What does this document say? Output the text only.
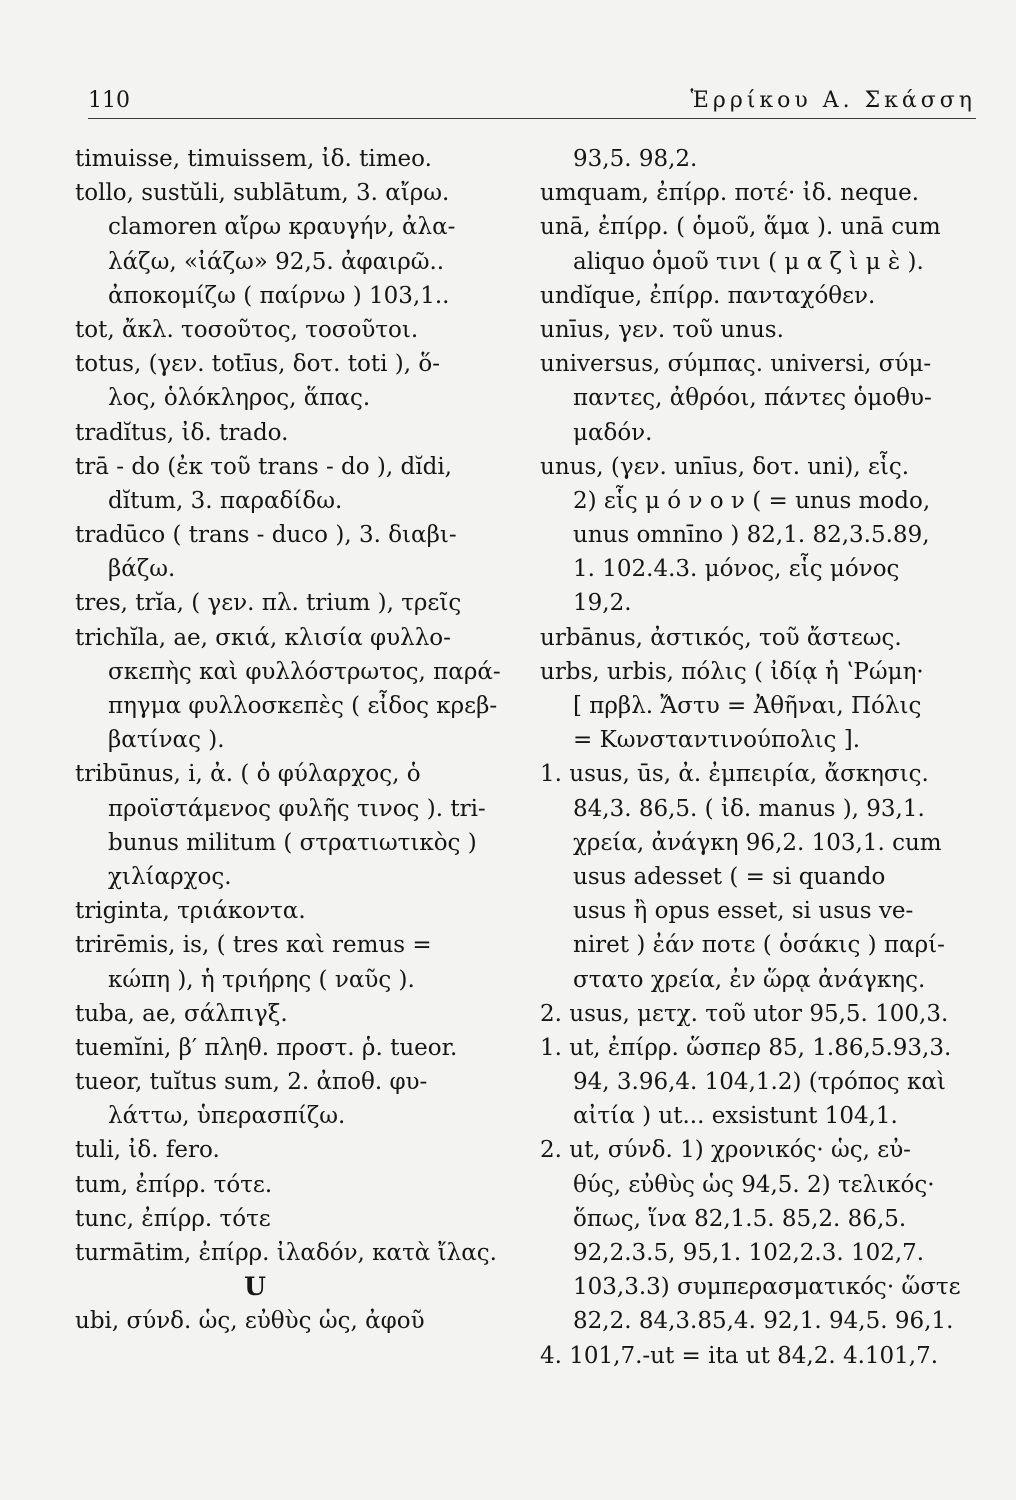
110	Ἑρρίκου Α. Σκάσση
timuisse, timuissem, ἰδ. timeo.
tollo, sustŭli, sublātum, 3. αἴρω.
clamoren αἴρω κραυγήν, ἀλα-
λάζω, «ἰάζω» 92,5. ἀφαιρῶ..
ἀποκομίζω ( παίρνω ) 103,1..
tot, ἄκλ. τοσοῦτος, τοσοῦτοι.
totus, (γεν. totīus, δοτ. toti ), ὅ-
λος, ὁλόκληρος, ἅπας.
tradĭtus, ἰδ. trado.
trā - do (ἐκ τοῦ trans - do ), dĭdi,
dĭtum, 3. παραδίδω.
tradūco ( trans - duco ), 3. διαβι-
βάζω.
tres, trĭa, ( γεν. πλ. trium ), τρεῖς
trichĭla, ae, σκιά, κλισία φυλλο-
σκεπὴς καὶ φυλλόστρωτος, παρά-
πηγμα φυλλοσκεπὲς ( εἶδος κρεβ-
βατίνας ).
tribūnus, i, ἀ. ( ὁ φύλαρχος, ὁ
προϊστάμενος φυλῆς τινος ). tri-
bunus militum ( στρατιωτικὸς )
χιλίαρχος.
triginta, τριάκοντα.
trirēmis, is, ( tres καὶ remus =
κώπη ), ἡ τριήρης ( ναῦς ).
tuba, ae, σάλπιγξ.
tuemĭni, β′ πληθ. προστ. ῥ. tueor.
tueor, tuĭtus sum, 2. ἀποθ. φυ-
λάττω, ὑπερασπίζω.
tuli, ἰδ. fero.
tum, ἐπίρρ. τότε.
tunc, ἐπίρρ. τότε
turmātim, ἐπίρρ. ἰλαδόν, κατὰ ἴλας.
U
ubi, σύνδ. ὡς, εὐθὺς ὡς, ἀφοῦ
93,5. 98,2.
umquam, ἐπίρρ. ποτέ· ἰδ. neque.
unā, ἐπίρρ. ( ὁμοῦ, ἅμα ). unā cum
aliquo ὁμοῦ τινι ( μ α ζ ὶ μ ὲ ).
undĭque, ἐπίρρ. πανταχόθεν.
unīus, γεν. τοῦ unus.
universus, σύμπας. universi, σύμ-
παντες, ἀθρόοι, πάντες ὁμοθυ-
μαδόν.
unus, (γεν. unīus, δοτ. uni), εἷς.
2) εἷς μ ό ν ο ν ( = unus modo,
unus omnīno ) 82,1. 82,3.5.89,
1. 102.4.3. μόνος, εἷς μόνος
19,2.
urbānus, ἀστικός, τοῦ ἄστεως.
urbs, urbis, πόλις ( ἰδίᾳ ἡ ʽΡώμη·
[ πρβλ. Ἄστυ = Ἀθῆναι, Πόλις
= Κωνσταντινούπολις ].
1. usus, ūs, ἀ. ἐμπειρία, ἄσκησις.
84,3. 86,5. ( ἰδ. manus ), 93,1.
χρεία, ἀνάγκη 96,2. 103,1. cum
usus adesset ( = si quando
usus ἢ opus esset, si usus ve-
niret ) ἐάν ποτε ( ὁσάκις ) παρί-
στατο χρεία, ἐν ὥρᾳ ἀνάγκης.
2. usus, μετχ. τοῦ utor 95,5. 100,3.
1. ut, ἐπίρρ. ὥσπερ 85, 1.86,5.93,3.
94, 3.96,4. 104,1.2) (τρόπος καὶ
αἰτία ) ut... exsistunt 104,1.
2. ut, σύνδ. 1) χρονικός· ὡς, εὐ-
θύς, εὐθὺς ὡς 94,5. 2) τελικός·
ὅπως, ἵνα 82,1.5. 85,2. 86,5.
92,2.3.5, 95,1. 102,2.3. 102,7.
103,3.3) συμπερασματικός· ὥστε
82,2. 84,3.85,4. 92,1. 94,5. 96,1.
4. 101,7.-ut = ita ut 84,2. 4.101,7.
